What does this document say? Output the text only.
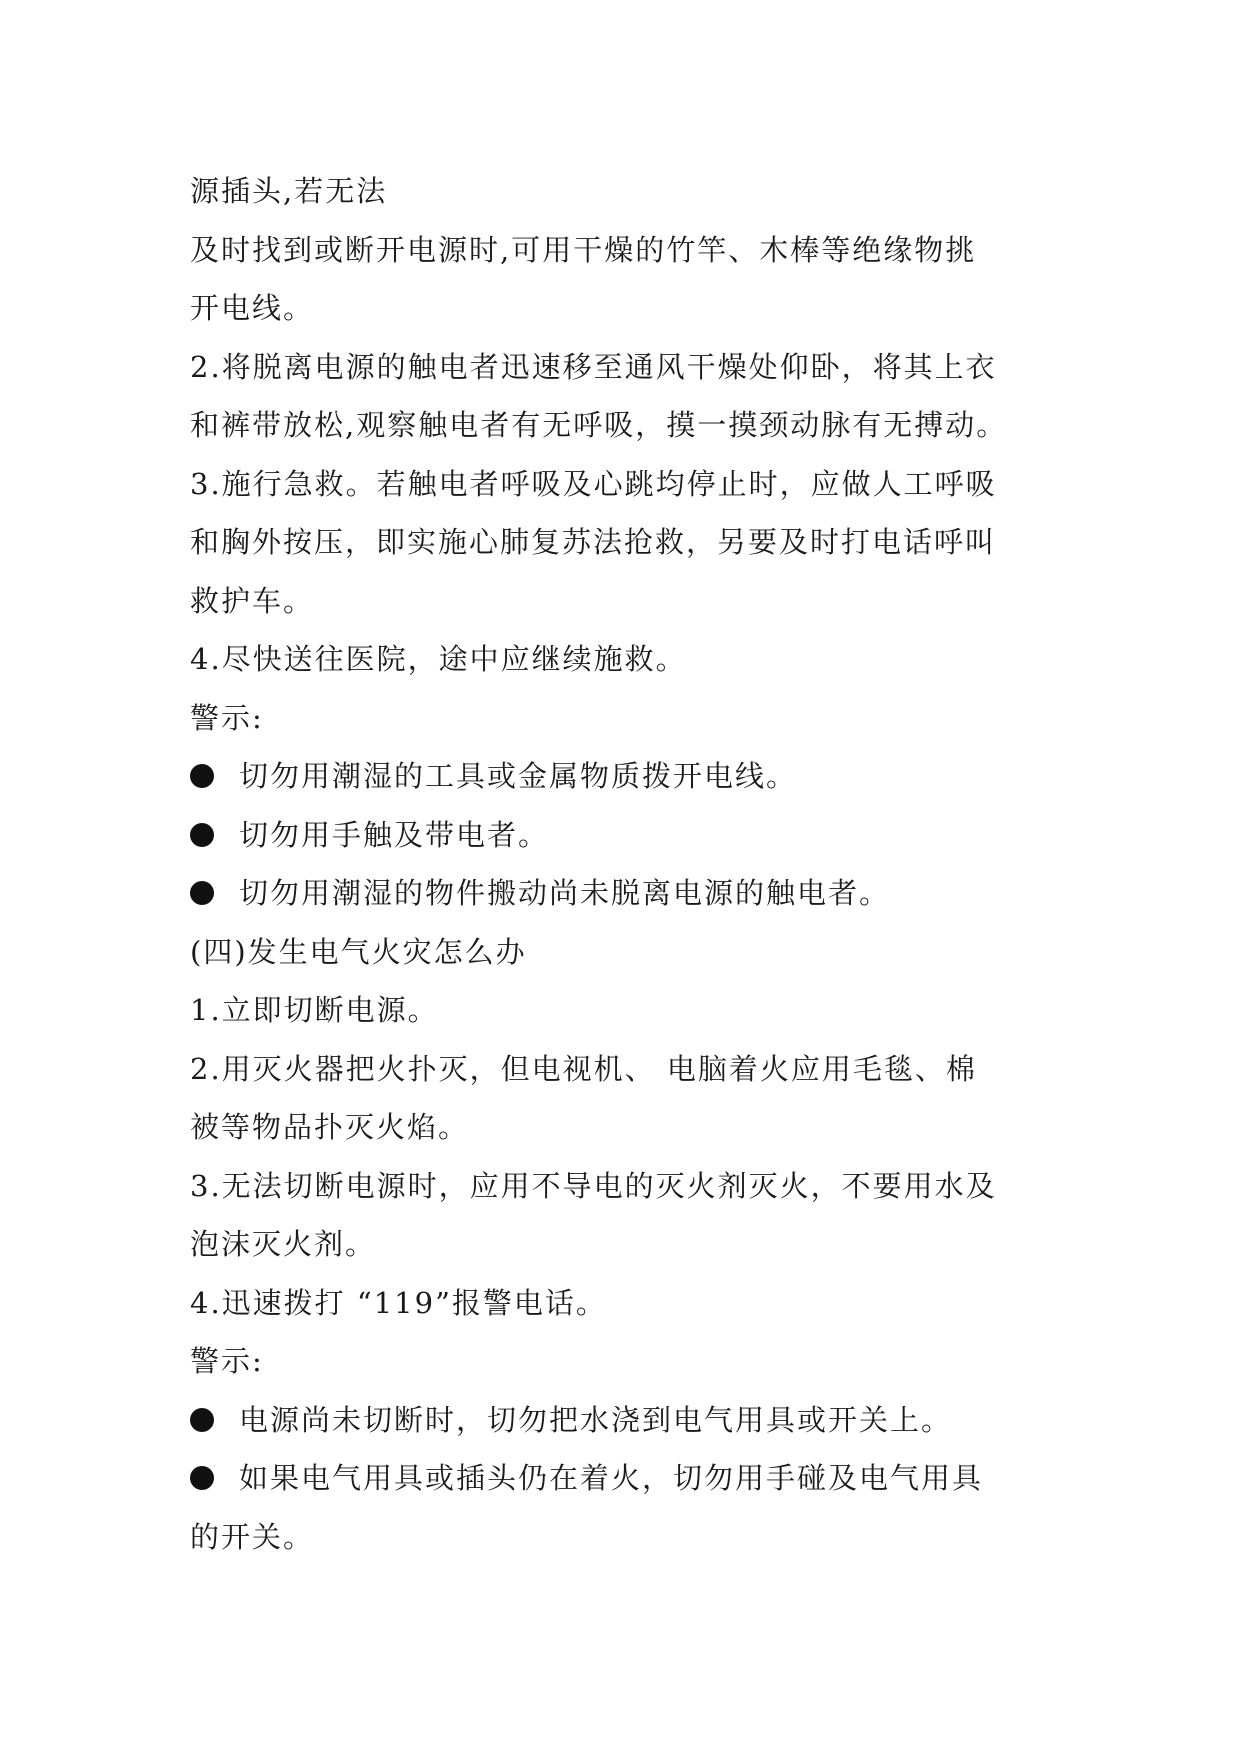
源插头,若无法
及时找到或断开电源时,可用干燥的竹竿、木棒等绝缘物挑
开电线。
2.将脱离电源的触电者迅速移至通风干燥处仰卧，将其上衣
和裤带放松,观察触电者有无呼吸，摸一摸颈动脉有无搏动。
3.施行急救。若触电者呼吸及心跳均停止时，应做人工呼吸
和胸外按压，即实施心肺复苏法抢救，另要及时打电话呼叫
救护车。
4.尽快送往医院，途中应继续施救。
警示:
切勿用潮湿的工具或金属物质拨开电线。
切勿用手触及带电者。
切勿用潮湿的物件搬动尚未脱离电源的触电者。
(四)发生电气火灾怎么办
1.立即切断电源。
2.用灭火器把火扑灭，但电视机、 电脑着火应用毛毯、棉
被等物品扑灭火焰。
3.无法切断电源时，应用不导电的灭火剂灭火，不要用水及
泡沫灭火剂。
4.迅速拨打 “119”报警电话。
警示:
电源尚未切断时，切勿把水浇到电气用具或开关上。
如果电气用具或插头仍在着火，切勿用手碰及电气用具
的开关。
